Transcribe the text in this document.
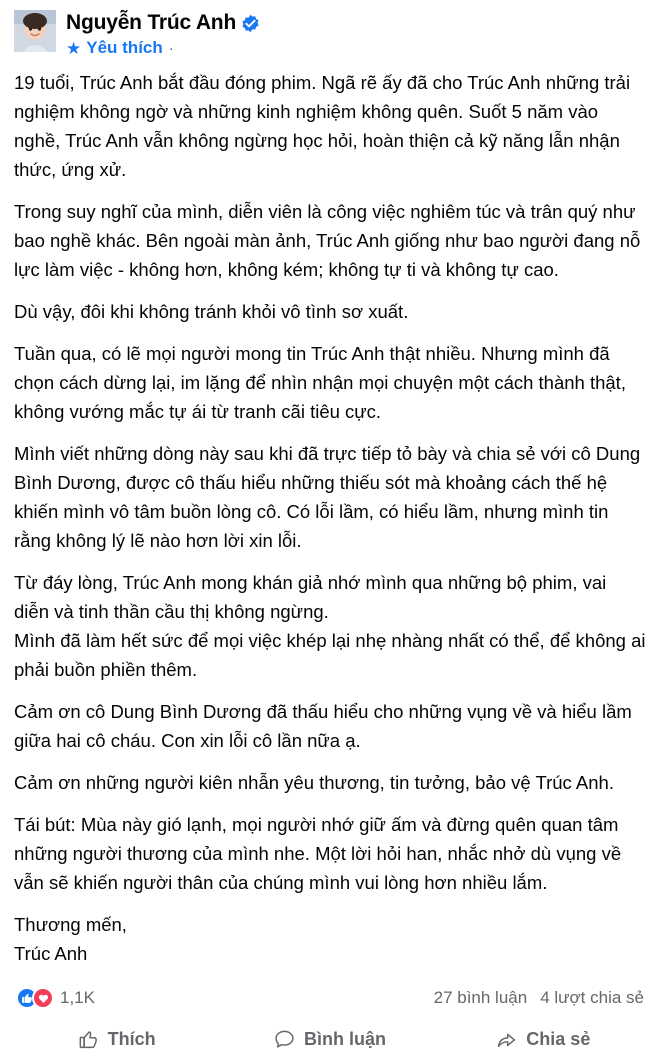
Nguyễn Trúc Anh
★ Yêu thích ·

19 tuổi, Trúc Anh bắt đầu đóng phim. Ngã rẽ ấy đã cho Trúc Anh những trải nghiệm không ngờ và những kinh nghiệm không quên. Suốt 5 năm vào nghề, Trúc Anh vẫn không ngừng học hỏi, hoàn thiện cả kỹ năng lẫn nhận thức, ứng xử.

Trong suy nghĩ của mình, diễn viên là công việc nghiêm túc và trân quý như bao nghề khác. Bên ngoài màn ảnh, Trúc Anh giống như bao người đang nỗ lực làm việc - không hơn, không kém; không tự ti và không tự cao.

Dù vậy, đôi khi không tránh khỏi vô tình sơ xuất.

Tuần qua, có lẽ mọi người mong tin Trúc Anh thật nhiều. Nhưng mình đã chọn cách dừng lại, im lặng để nhìn nhận mọi chuyện một cách thành thật, không vướng mắc tự ái từ tranh cãi tiêu cực.

Mình viết những dòng này sau khi đã trực tiếp tỏ bày và chia sẻ với cô Dung Bình Dương, được cô thấu hiểu những thiếu sót mà khoảng cách thế hệ khiến mình vô tâm buồn lòng cô. Có lỗi lầm, có hiểu lầm, nhưng mình tin rằng không lý lẽ nào hơn lời xin lỗi.

Từ đáy lòng, Trúc Anh mong khán giả nhớ mình qua những bộ phim, vai diễn và tinh thần cầu thị không ngừng.

Mình đã làm hết sức để mọi việc khép lại nhẹ nhàng nhất có thể, để không ai phải buồn phiền thêm.

Cảm ơn cô Dung Bình Dương đã thấu hiểu cho những vụng về và hiểu lầm giữa hai cô cháu. Con xin lỗi cô lần nữa ạ.

Cảm ơn những người kiên nhẫn yêu thương, tin tưởng, bảo vệ Trúc Anh.

Tái bút: Mùa này gió lạnh, mọi người nhớ giữ ấm và đừng quên quan tâm những người thương của mình nhe. Một lời hỏi han, nhắc nhở dù vụng về vẫn sẽ khiến người thân của chúng mình vui lòng hơn nhiều lắm.

Thương mến,

Trúc Anh

1,1K	27 bình luận 4 lượt chia sẻ
Thích	Bình luận	Chia sẻ
